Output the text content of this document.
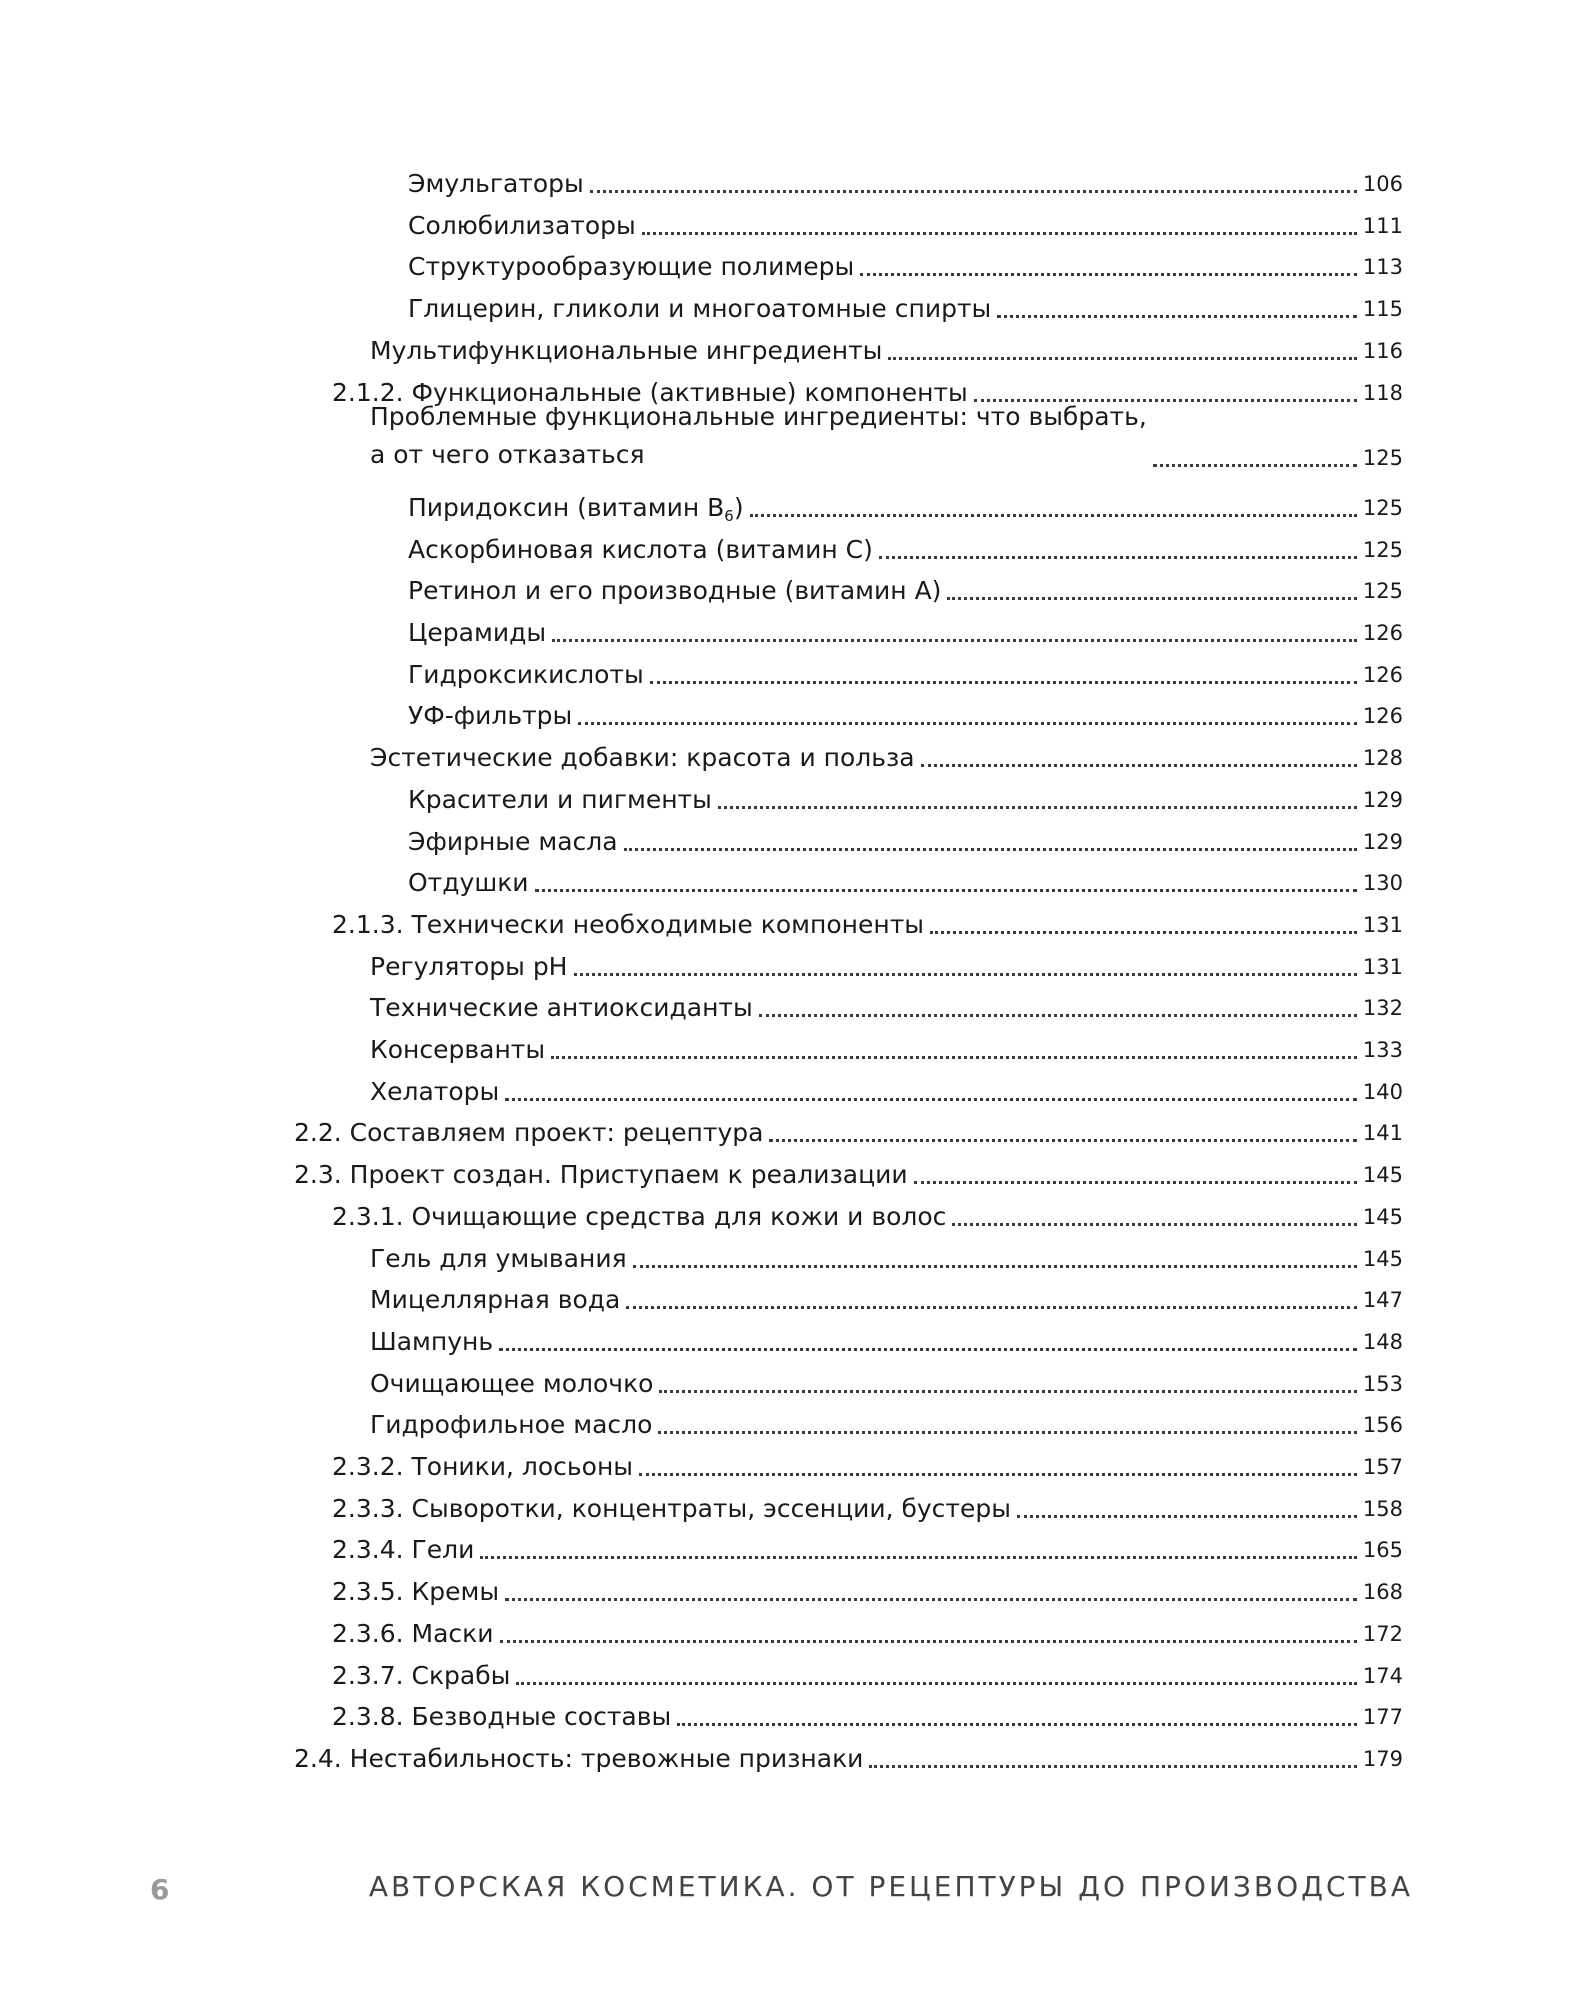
Эмульгаторы	106
Солюбилизаторы	111
Структурообразующие полимеры	113
Глицерин, гликоли и многоатомные спирты	115
Мультифункциональные ингредиенты	116
2.1.2. Функциональные (активные) компоненты	118
Проблемные функциональные ингредиенты: что выбрать,
а от чего отказаться	125
Пиридоксин (витамин $B_6$)	125
Аскорбиновая кислота (витамин C)	125
Ретинол и его производные (витамин A)	125
Церамиды	126
Гидроксикислоты	126
УФ-фильтры	126
Эстетические добавки: красота и польза	128
Красители и пигменты	129
Эфирные масла	129
Отдушки	130
2.1.3. Технически необходимые компоненты	131
Регуляторы pH	131
Технические антиоксиданты	132
Консерванты	133
Хелаторы	140
2.2. Составляем проект: рецептура	141
2.3. Проект создан. Приступаем к реализации	145
2.3.1. Очищающие средства для кожи и волос	145
Гель для умывания	145
Мицеллярная вода	147
Шампунь	148
Очищающее молочко	153
Гидрофильное масло	156
2.3.2. Тоники, лосьоны	157
2.3.3. Сыворотки, концентраты, эссенции, бустеры	158
2.3.4. Гели	165
2.3.5. Кремы	168
2.3.6. Маски	172
2.3.7. Скрабы	174
2.3.8. Безводные составы	177
2.4. Нестабильность: тревожные признаки	179
6	АВТОРСКАЯ КОСМЕТИКА. ОТ РЕЦЕПТУРЫ ДО ПРОИЗВОДСТВА
